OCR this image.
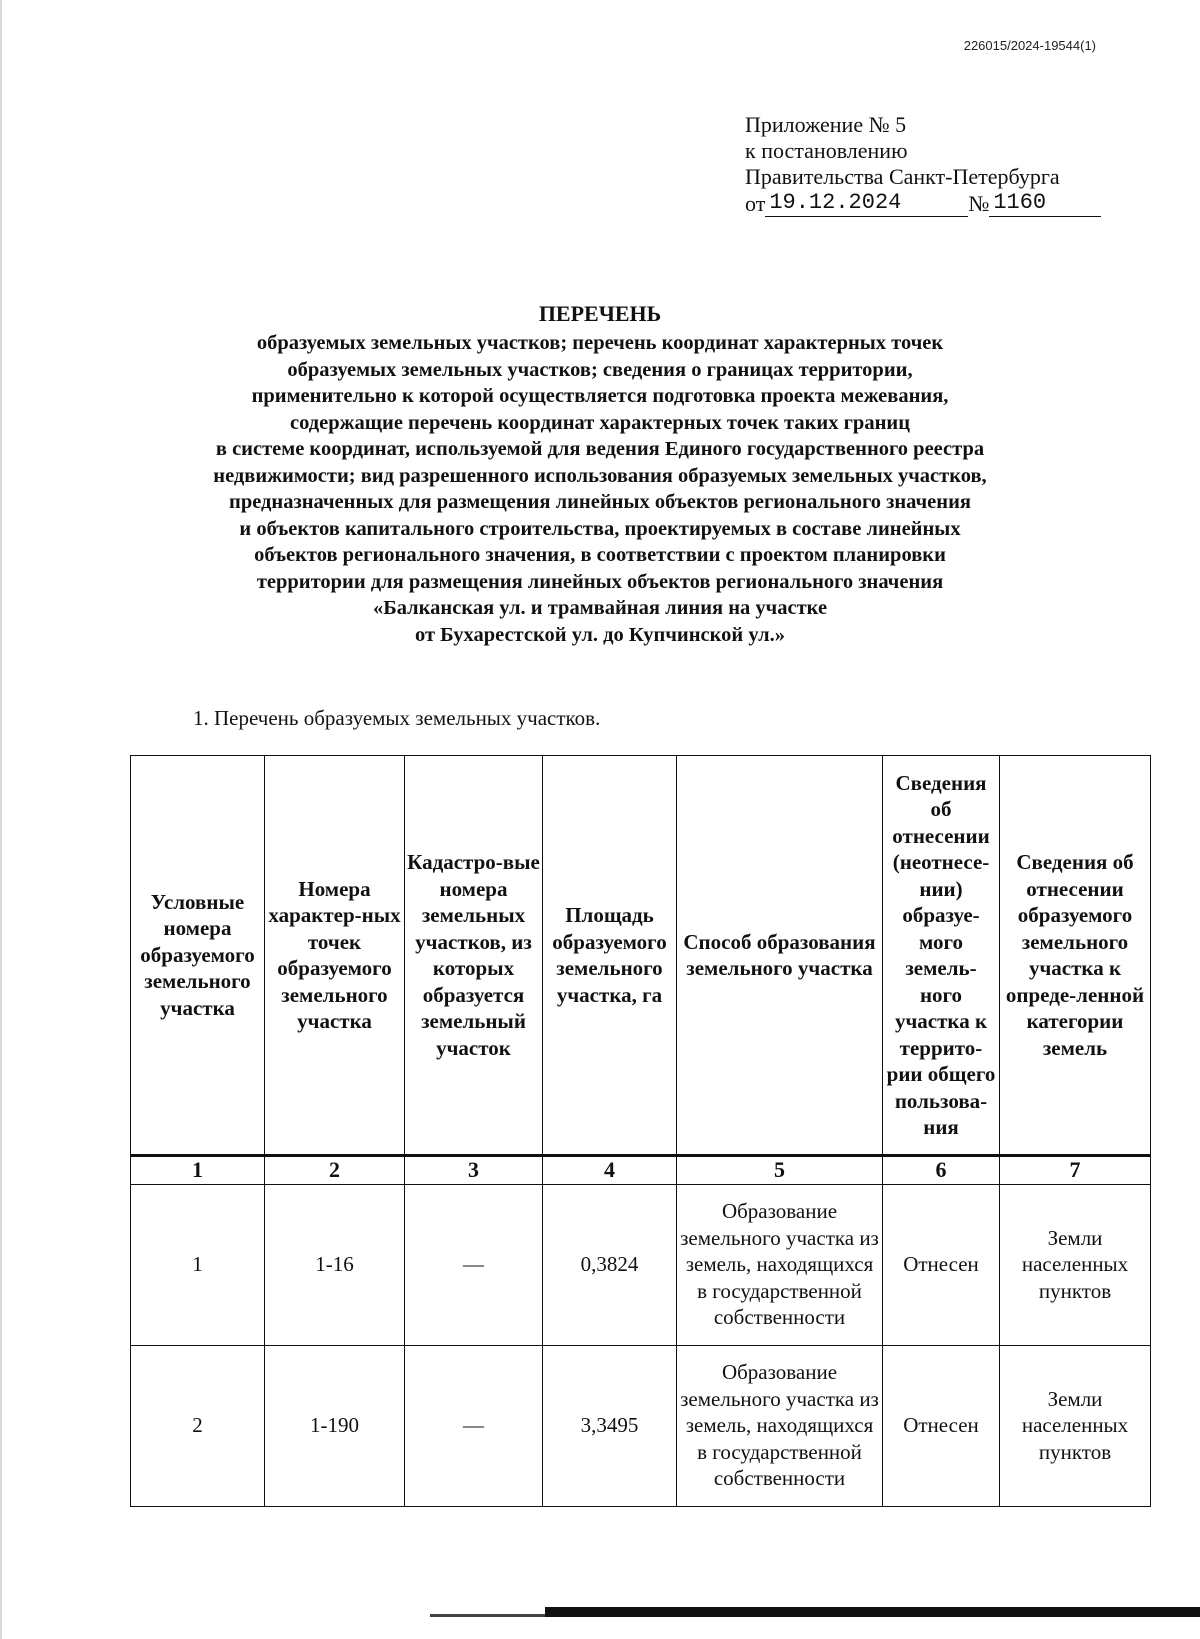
226015/2024-19544(1)
Приложение № 5
к постановлению
Правительства Санкт-Петербурга
от 19.12.2024	№ 1160
ПЕРЕЧЕНЬ
образуемых земельных участков; перечень координат характерных точек
образуемых земельных участков; сведения о границах территории,
применительно к которой осуществляется подготовка проекта межевания,
содержащие перечень координат характерных точек таких границ
в системе координат, используемой для ведения Единого государственного реестра
недвижимости; вид разрешенного использования образуемых земельных участков,
предназначенных для размещения линейных объектов регионального значения
и объектов капитального строительства, проектируемых в составе линейных
объектов регионального значения, в соответствии с проектом планировки
территории для размещения линейных объектов регионального значения
«Балканская ул. и трамвайная линия на участке
от Бухарестской ул. до Купчинской ул.»
1. Перечень образуемых земельных участков.
Условные номера образуемого земельного участка	Номера характер-ных точек образуемого земельного участка	Кадастро-вые номера земельных участков, из которых образуется земельный участок	Площадь образуемого земельного участка, га	Способ образования земельного участка	Сведения об отнесении (неотнесе-нии) образуе-мого земель-ного участка к террито-рии общего пользова-ния	Сведения об отнесении образуемого земельного участка к опреде-ленной категории земель
1	2	3	4	5	6	7
1	1-16	—	0,3824	Образование земельного участка из земель, находящихся в государственной собственности	Отнесен	Земли населенных пунктов
2	1-190	—	3,3495	Образование земельного участка из земель, находящихся в государственной собственности	Отнесен	Земли населенных пунктов
